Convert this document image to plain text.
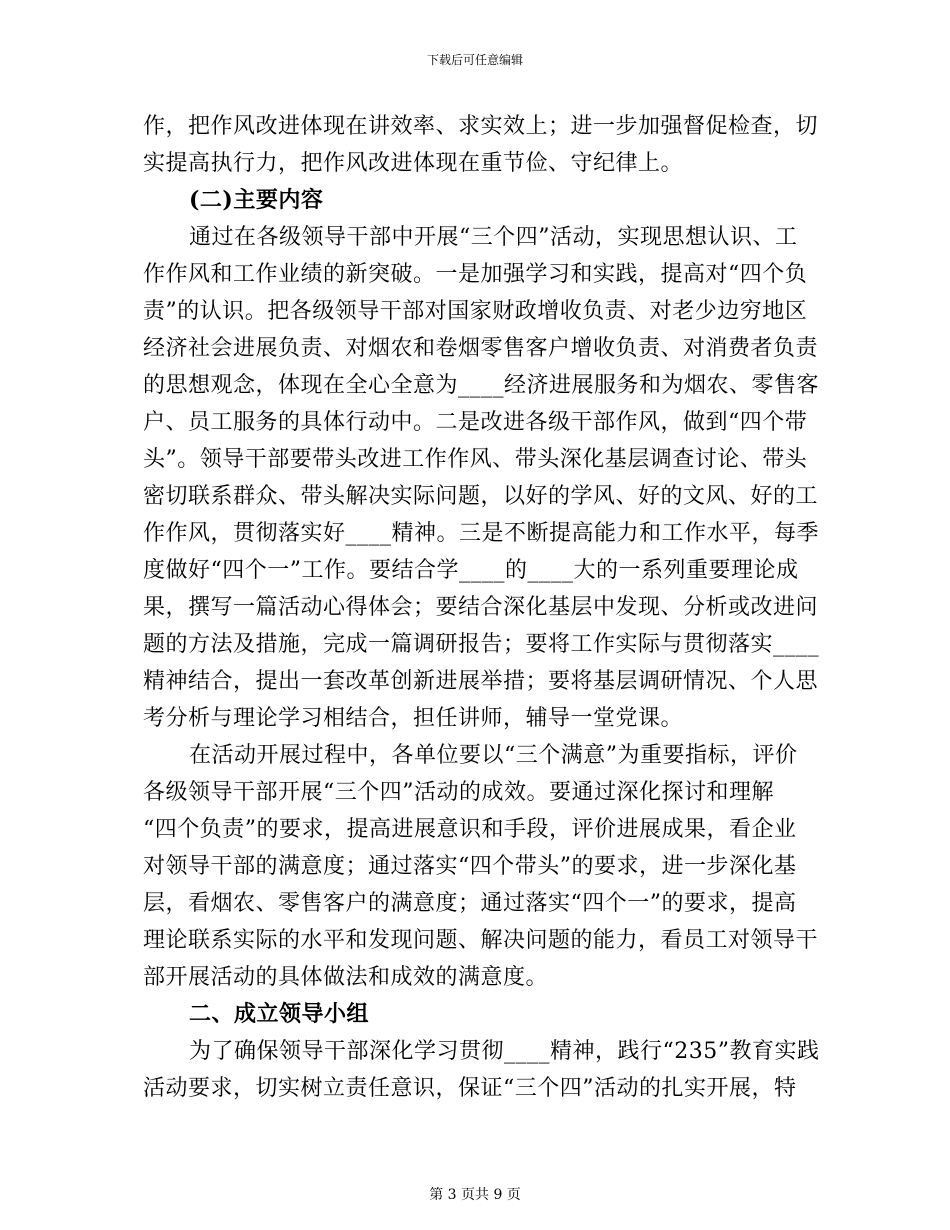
下载后可任意编辑
作，把作风改进体现在讲效率、求实效上；进一步加强督促检查，切
实提高执行力，把作风改进体现在重节俭、守纪律上。
(二)主要内容
通过在各级领导干部中开展“三个四”活动，实现思想认识、工
作作风和工作业绩的新突破。一是加强学习和实践，提高对“四个负
责”的认识。把各级领导干部对国家财政增收负责、对老少边穷地区
经济社会进展负责、对烟农和卷烟零售客户增收负责、对消费者负责
的思想观念，体现在全心全意为____经济进展服务和为烟农、零售客
户、员工服务的具体行动中。二是改进各级干部作风，做到“四个带
头”。领导干部要带头改进工作作风、带头深化基层调查讨论、带头
密切联系群众、带头解决实际问题，以好的学风、好的文风、好的工
作作风，贯彻落实好____精神。三是不断提高能力和工作水平，每季
度做好“四个一”工作。要结合学____的____大的一系列重要理论成
果，撰写一篇活动心得体会；要结合深化基层中发现、分析或改进问
题的方法及措施，完成一篇调研报告；要将工作实际与贯彻落实____
精神结合，提出一套改革创新进展举措；要将基层调研情况、个人思
考分析与理论学习相结合，担任讲师，辅导一堂党课。
在活动开展过程中，各单位要以“三个满意”为重要指标，评价
各级领导干部开展“三个四”活动的成效。要通过深化探讨和理解
“四个负责”的要求，提高进展意识和手段，评价进展成果，看企业
对领导干部的满意度；通过落实“四个带头”的要求，进一步深化基
层，看烟农、零售客户的满意度；通过落实“四个一”的要求，提高
理论联系实际的水平和发现问题、解决问题的能力，看员工对领导干
部开展活动的具体做法和成效的满意度。
二、成立领导小组
为了确保领导干部深化学习贯彻____精神，践行“235”教育实践
活动要求，切实树立责任意识，保证“三个四”活动的扎实开展，特
第 3 页共 9 页
